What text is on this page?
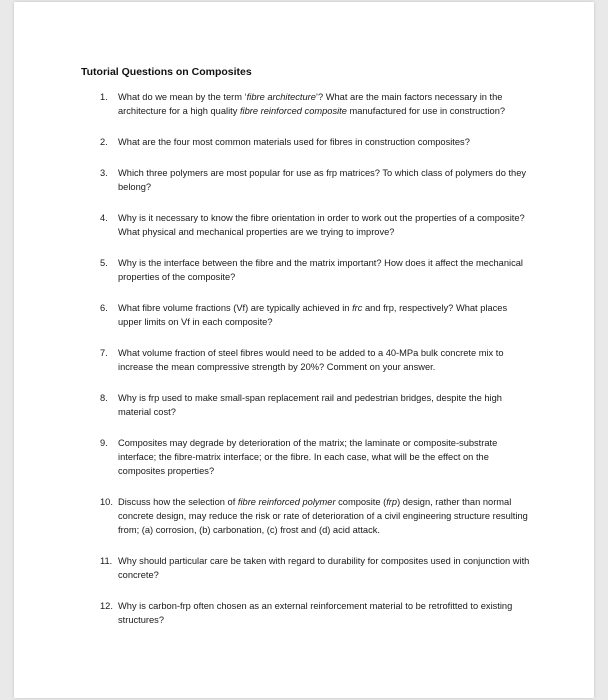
Tutorial Questions on Composites
1.	What do we mean by the term ‘fibre architecture’? What are the main factors necessary in the architecture for a high quality fibre reinforced composite manufactured for use in construction?
2.	What are the four most common materials used for fibres in construction composites?
3.	Which three polymers are most popular for use as frp matrices? To which class of polymers do they belong?
4.	Why is it necessary to know the fibre orientation in order to work out the properties of a composite? What physical and mechanical properties are we trying to improve?
5.	Why is the interface between the fibre and the matrix important? How does it affect the mechanical properties of the composite?
6.	What fibre volume fractions (Vf) are typically achieved in frc and frp, respectively? What places upper limits on Vf in each composite?
7.	What volume fraction of steel fibres would need to be added to a 40-MPa bulk concrete mix to increase the mean compressive strength by 20%? Comment on your answer.
8.	Why is frp used to make small-span replacement rail and pedestrian bridges, despite the high material cost?
9.	Composites may degrade by deterioration of the matrix; the laminate or composite-substrate interface; the fibre-matrix interface; or the fibre. In each case, what will be the effect on the composites properties?
10. Discuss how the selection of fibre reinforced polymer composite (frp) design, rather than normal concrete design, may reduce the risk or rate of deterioration of a civil engineering structure resulting from; (a) corrosion, (b) carbonation, (c) frost and (d) acid attack.
11. Why should particular care be taken with regard to durability for composites used in conjunction with concrete?
12. Why is carbon-frp often chosen as an external reinforcement material to be retrofitted to existing structures?
